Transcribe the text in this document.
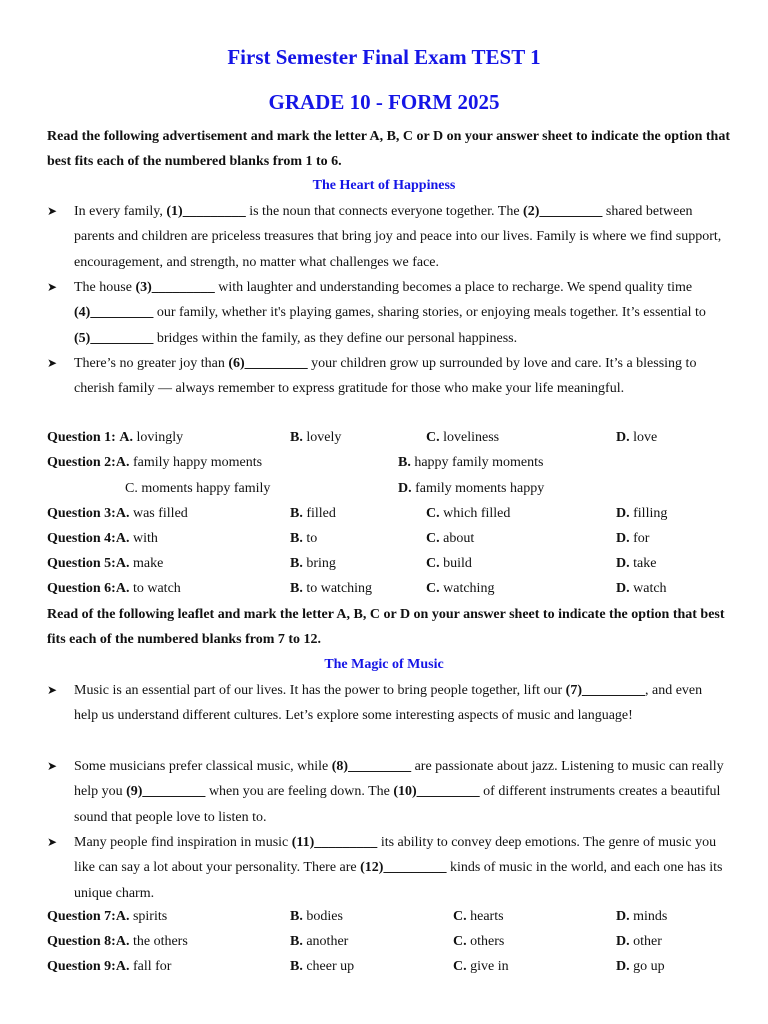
First Semester Final Exam TEST 1
GRADE 10 - FORM 2025

Read the following advertisement and mark the letter A, B, C or D on your answer sheet to indicate the option that best fits each of the numbered blanks from 1 to 6.

The Heart of Happiness
➤ In every family, (1)_________ is the noun that connects everyone together. The (2)_________ shared between parents and children are priceless treasures that bring joy and peace into our lives. Family is where we find support, encouragement, and strength, no matter what challenges we face.

➤ The house (3)_________ with laughter and understanding becomes a place to recharge. We spend quality time (4)_________ our family, whether it's playing games, sharing stories, or enjoying meals together. It’s essential to (5)_________ bridges within the family, as they define our personal happiness.

➤ There’s no greater joy than (6)_________ your children grow up surrounded by love and care. It’s a blessing to cherish family — always remember to express gratitude for those who make your life meaningful.

Question 1: A. lovingly	B. lovely	C. loveliness	D. love
Question 2:A. family happy moments	B. happy family moments
C. moments happy family	D. family moments happy
Question 3:A. was filled	B. filled	C. which filled	D. filling
Question 4:A. with	B. to	C. about	D. for
Question 5:A. make	B. bring	C. build	D. take
Question 6:A. to watch	B. to watching	C. watching	D. watch

Read of the following leaflet and mark the letter A, B, C or D on your answer sheet to indicate the option that best fits each of the numbered blanks from 7 to 12.

The Magic of Music
➤ Music is an essential part of our lives. It has the power to bring people together, lift our (7)_________, and even help us understand different cultures. Let’s explore some interesting aspects of music and language!

➤ Some musicians prefer classical music, while (8)_________ are passionate about jazz. Listening to music can really help you (9)_________ when you are feeling down. The (10)_________ of different instruments creates a beautiful sound that people love to listen to.

➤ Many people find inspiration in music (11)_________ its ability to convey deep emotions. The genre of music you like can say a lot about your personality. There are (12)_________ kinds of music in the world, and each one has its unique charm.

Question 7:A. spirits	B. bodies	C. hearts	D. minds
Question 8:A. the others	B. another	C. others	D. other
Question 9:A. fall for	B. cheer up	C. give in	D. go up
